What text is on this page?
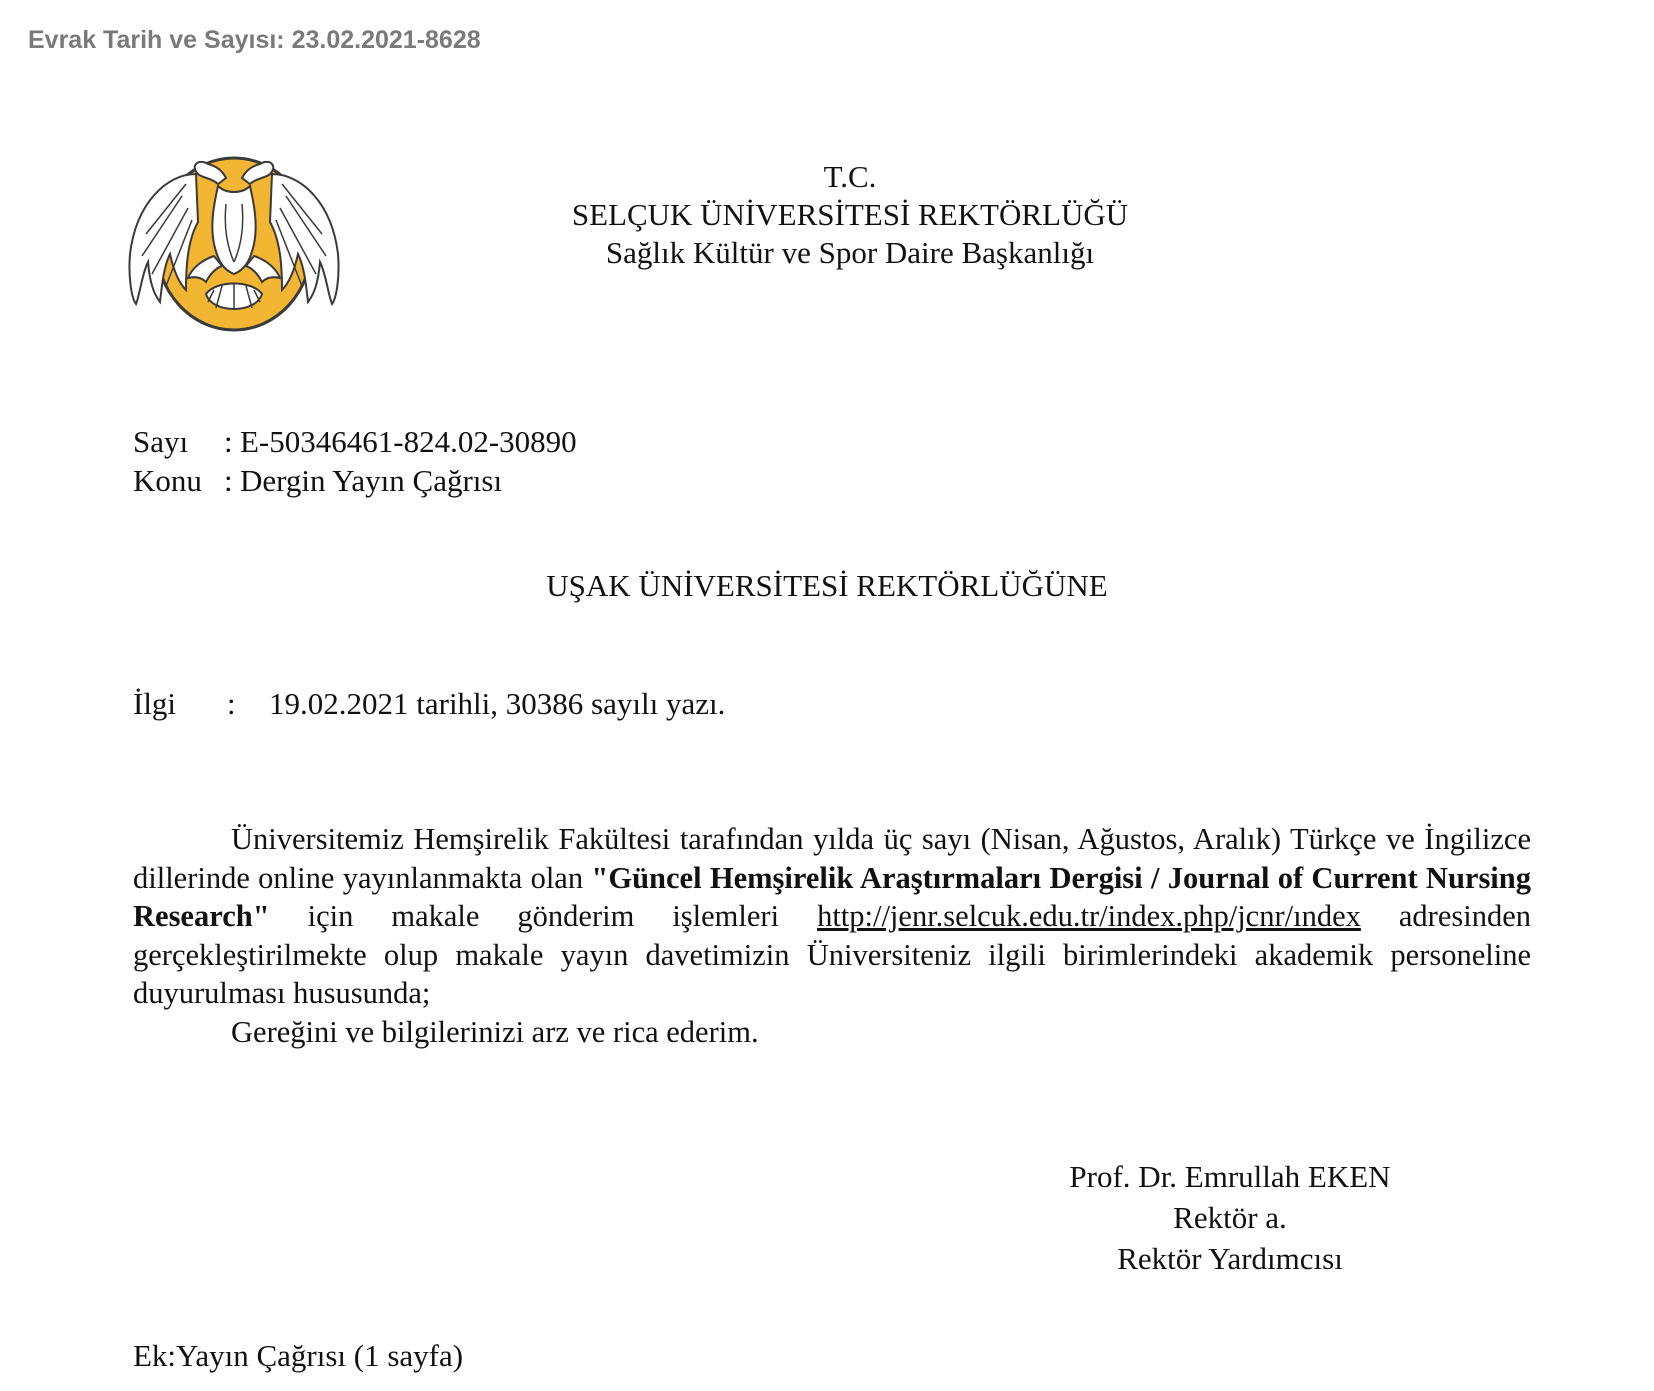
Evrak Tarih ve Sayısı: 23.02.2021-8628
T.C.
SELÇUK ÜNİVERSİTESİ REKTÖRLÜĞÜ
Sağlık Kültür ve Spor Daire Başkanlığı
Sayı : E-50346461-824.02-30890
Konu : Dergin Yayın Çağrısı
UŞAK ÜNİVERSİTESİ REKTÖRLÜĞÜNE
İlgi : 19.02.2021 tarihli, 30386 sayılı yazı.

Üniversitemiz Hemşirelik Fakültesi tarafından yılda üç sayı (Nisan, Ağustos, Aralık) Türkçe ve İngilizce dillerinde online yayınlanmakta olan "Güncel Hemşirelik Araştırmaları Dergisi / Journal of Current Nursing Research" için makale gönderim işlemleri http://jenr.selcuk.edu.tr/index.php/jcnr/ındex adresinden gerçekleştirilmekte olup makale yayın davetimizin Üniversiteniz ilgili birimlerindeki akademik personeline duyurulması hususunda;

Gereğini ve bilgilerinizi arz ve rica ederim.

Prof. Dr. Emrullah EKEN
Rektör a.
Rektör Yardımcısı
Ek:Yayın Çağrısı (1 sayfa)
